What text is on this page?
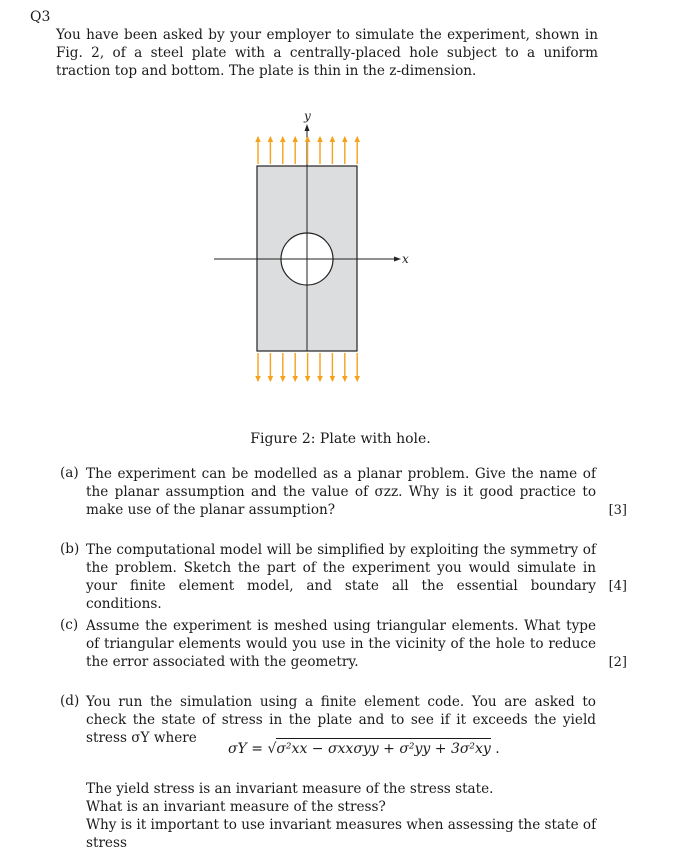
Q3
You have been asked by your employer to simulate the experiment, shown in Fig. 2, of a steel plate with a centrally-placed hole subject to a uniform traction top and bottom. The plate is thin in the z-dimension.
y
x
Figure 2: Plate with hole.
(a) The experiment can be modelled as a planar problem. Give the name of the planar assumption and the value of σzz. Why is it good practice to make use of the planar assumption?	[3]
(b) The computational model will be simplified by exploiting the symmetry of the problem. Sketch the part of the experiment you would simulate in your finite element model, and state all the essential boundary conditions.
[4]
(c) Assume the experiment is meshed using triangular elements. What type of triangular elements would you use in the vicinity of the hole to reduce the error associated with the geometry.	[2]
(d) You run the simulation using a finite element code. You are asked to check the state of stress in the plate and to see if it exceeds the yield stress σY where
σY = √σ²xx − σxxσyy + σ²yy + 3σ²xy .
The yield stress is an invariant measure of the stress state.
What is an invariant measure of the stress?
Why is it important to use invariant measures when assessing the state of stress
